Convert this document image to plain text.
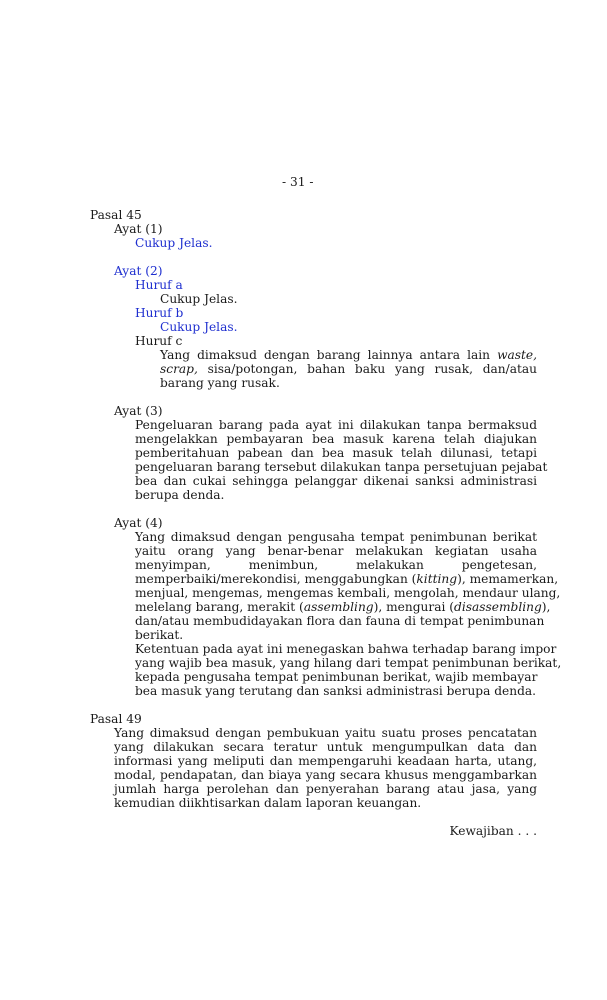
- 31 -
Pasal 45
Ayat (1)
Cukup Jelas.
Ayat (2)
Huruf a
Cukup Jelas.
Huruf b
Cukup Jelas.
Huruf c
Yang dimaksud dengan barang lainnya antara lain waste,
scrap, sisa/potongan, bahan baku yang rusak, dan/atau
barang yang rusak.
Ayat (3)
Pengeluaran barang pada ayat ini dilakukan tanpa bermaksud
mengelakkan pembayaran bea masuk karena telah diajukan
pemberitahuan pabean dan bea masuk telah dilunasi, tetapi
pengeluaran barang tersebut dilakukan tanpa persetujuan pejabat
bea dan cukai sehingga pelanggar dikenai sanksi administrasi
berupa denda.
Ayat (4)
Yang dimaksud dengan pengusaha tempat penimbunan berikat
yaitu orang yang benar-benar melakukan kegiatan usaha
menyimpan, menimbun, melakukan pengetesan,
memperbaiki/merekondisi, menggabungkan (kitting), memamerkan,
menjual, mengemas, mengemas kembali, mengolah, mendaur ulang,
melelang barang, merakit (assembling), mengurai (disassembling),
dan/atau membudidayakan flora dan fauna di tempat penimbunan
berikat.
Ketentuan pada ayat ini menegaskan bahwa terhadap barang impor
yang wajib bea masuk, yang hilang dari tempat penimbunan berikat,
kepada pengusaha tempat penimbunan berikat, wajib membayar
bea masuk yang terutang dan sanksi administrasi berupa denda.
Pasal 49
Yang dimaksud dengan pembukuan yaitu suatu proses pencatatan
yang dilakukan secara teratur untuk mengumpulkan data dan
informasi yang meliputi dan mempengaruhi keadaan harta, utang,
modal, pendapatan, dan biaya yang secara khusus menggambarkan
jumlah harga perolehan dan penyerahan barang atau jasa, yang
kemudian diikhtisarkan dalam laporan keuangan.
Kewajiban . . .
